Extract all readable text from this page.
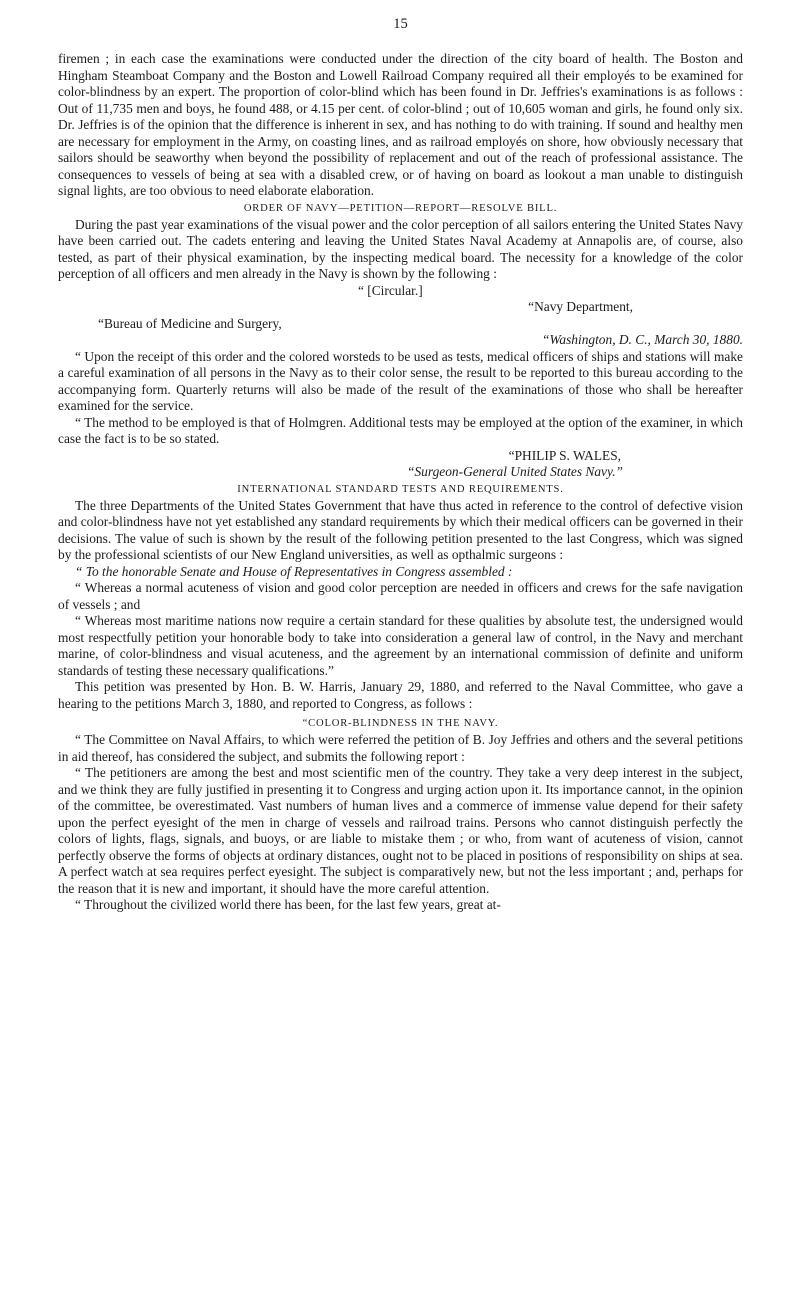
15

firemen ; in each case the examinations were conducted under the direction of the city board of health. The Boston and Hingham Steamboat Company and the Boston and Lowell Railroad Company required all their employés to be examined for color-blindness by an expert. The proportion of color-blind which has been found in Dr. Jeffries's examinations is as follows : Out of 11,735 men and boys, he found 488, or 4.15 per cent. of color-blind ; out of 10,605 woman and girls, he found only six. Dr. Jeffries is of the opinion that the difference is inherent in sex, and has nothing to do with training. If sound and healthy men are necessary for employment in the Army, on coasting lines, and as railroad employés on shore, how obviously necessary that sailors should be seaworthy when beyond the possibility of replacement and out of the reach of professional assistance. The consequences to vessels of being at sea with a disabled crew, or of having on board as lookout a man unable to distinguish signal lights, are too obvious to need elaborate elaboration.

ORDER OF NAVY—PETITION—REPORT—RESOLVE BILL.

During the past year examinations of the visual power and the color perception of all sailors entering the United States Navy have been carried out. The cadets entering and leaving the United States Naval Academy at Annapolis are, of course, also tested, as part of their physical examination, by the inspecting medical board. The necessity for a knowledge of the color perception of all officers and men already in the Navy is shown by the following :

“ [Circular.]

“Navy Department,

“Bureau of Medicine and Surgery,

“Washington, D. C., March 30, 1880.

“ Upon the receipt of this order and the colored worsteds to be used as tests, medical officers of ships and stations will make a careful examination of all persons in the Navy as to their color sense, the result to be reported to this bureau according to the accompanying form. Quarterly returns will also be made of the result of the examinations of those who shall be hereafter examined for the service.

“ The method to be employed is that of Holmgren. Additional tests may be employed at the option of the examiner, in which case the fact is to be so stated.

“PHILIP S. WALES,

“Surgeon-General United States Navy.”

INTERNATIONAL STANDARD TESTS AND REQUIREMENTS.

The three Departments of the United States Government that have thus acted in reference to the control of defective vision and color-blindness have not yet established any standard requirements by which their medical officers can be governed in their decisions. The value of such is shown by the result of the following petition presented to the last Congress, which was signed by the professional scientists of our New England universities, as well as opthalmic surgeons :

“ To the honorable Senate and House of Representatives in Congress assembled :

“ Whereas a normal acuteness of vision and good color perception are needed in officers and crews for the safe navigation of vessels ; and

“ Whereas most maritime nations now require a certain standard for these qualities by absolute test, the undersigned would most respectfully petition your honorable body to take into consideration a general law of control, in the Navy and merchant marine, of color-blindness and visual acuteness, and the agreement by an international commission of definite and uniform standards of testing these necessary qualifications.”

This petition was presented by Hon. B. W. Harris, January 29, 1880, and referred to the Naval Committee, who gave a hearing to the petitions March 3, 1880, and reported to Congress, as follows :

“COLOR-BLINDNESS IN THE NAVY.

“ The Committee on Naval Affairs, to which were referred the petition of B. Joy Jeffries and others and the several petitions in aid thereof, has considered the subject, and submits the following report :

“ The petitioners are among the best and most scientific men of the country. They take a very deep interest in the subject, and we think they are fully justified in presenting it to Congress and urging action upon it. Its importance cannot, in the opinion of the committee, be overestimated. Vast numbers of human lives and a commerce of immense value depend for their safety upon the perfect eyesight of the men in charge of vessels and railroad trains. Persons who cannot distinguish perfectly the colors of lights, flags, signals, and buoys, or are liable to mistake them ; or who, from want of acuteness of vision, cannot perfectly observe the forms of objects at ordinary distances, ought not to be placed in positions of responsibility on ships at sea. A perfect watch at sea requires perfect eyesight. The subject is comparatively new, but not the less important ; and, perhaps for the reason that it is new and important, it should have the more careful attention.

“ Throughout the civilized world there has been, for the last few years, great at-
